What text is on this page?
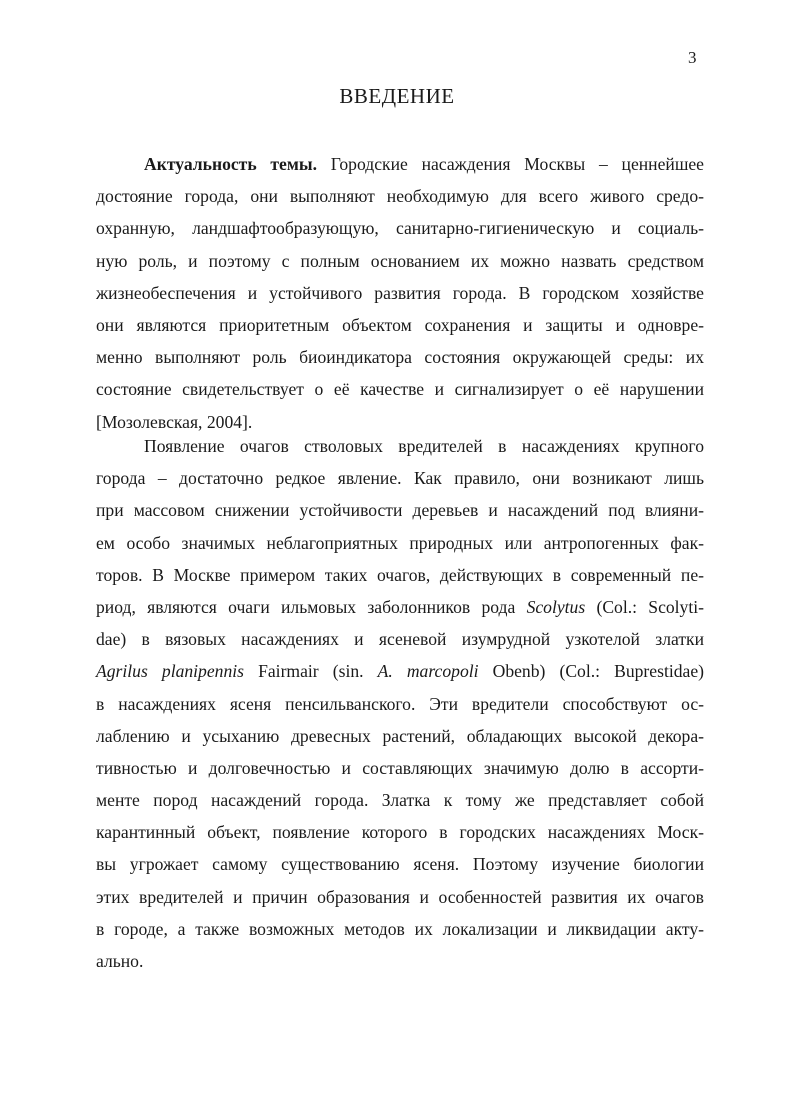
3
ВВЕДЕНИЕ
Актуальность темы. Городские насаждения Москвы – ценнейшее
достояние города, они выполняют необходимую для всего живого средо-
охранную, ландшафтообразующую, санитарно-гигиеническую и социаль-
ную роль, и поэтому с полным основанием их можно назвать средством
жизнеобеспечения и устойчивого развития города. В городском хозяйстве
они являются приоритетным объектом сохранения и защиты и одновре-
менно выполняют роль биоиндикатора состояния окружающей среды: их
состояние свидетельствует о её качестве и сигнализирует о её нарушении
[Мозолевская, 2004].
Появление очагов стволовых вредителей в насаждениях крупного
города – достаточно редкое явление. Как правило, они возникают лишь
при массовом снижении устойчивости деревьев и насаждений под влияни-
ем особо значимых неблагоприятных природных или антропогенных фак-
торов. В Москве примером таких очагов, действующих в современный пе-
риод, являются очаги ильмовых заболонников рода Scolytus (Col.: Scolyti-
dae) в вязовых насаждениях и ясеневой изумрудной узкотелой златки
Agrilus planipennis Fairmair (sin. A. marcopoli Obenb) (Col.: Buprestidae)
в насаждениях ясеня пенсильванского. Эти вредители способствуют ос-
лаблению и усыханию древесных растений, обладающих высокой декора-
тивностью и долговечностью и составляющих значимую долю в ассорти-
менте пород насаждений города. Златка к тому же представляет собой
карантинный объект, появление которого в городских насаждениях Моск-
вы угрожает самому существованию ясеня. Поэтому изучение биологии
этих вредителей и причин образования и особенностей развития их очагов
в городе, а также возможных методов их локализации и ликвидации акту-
ально.
